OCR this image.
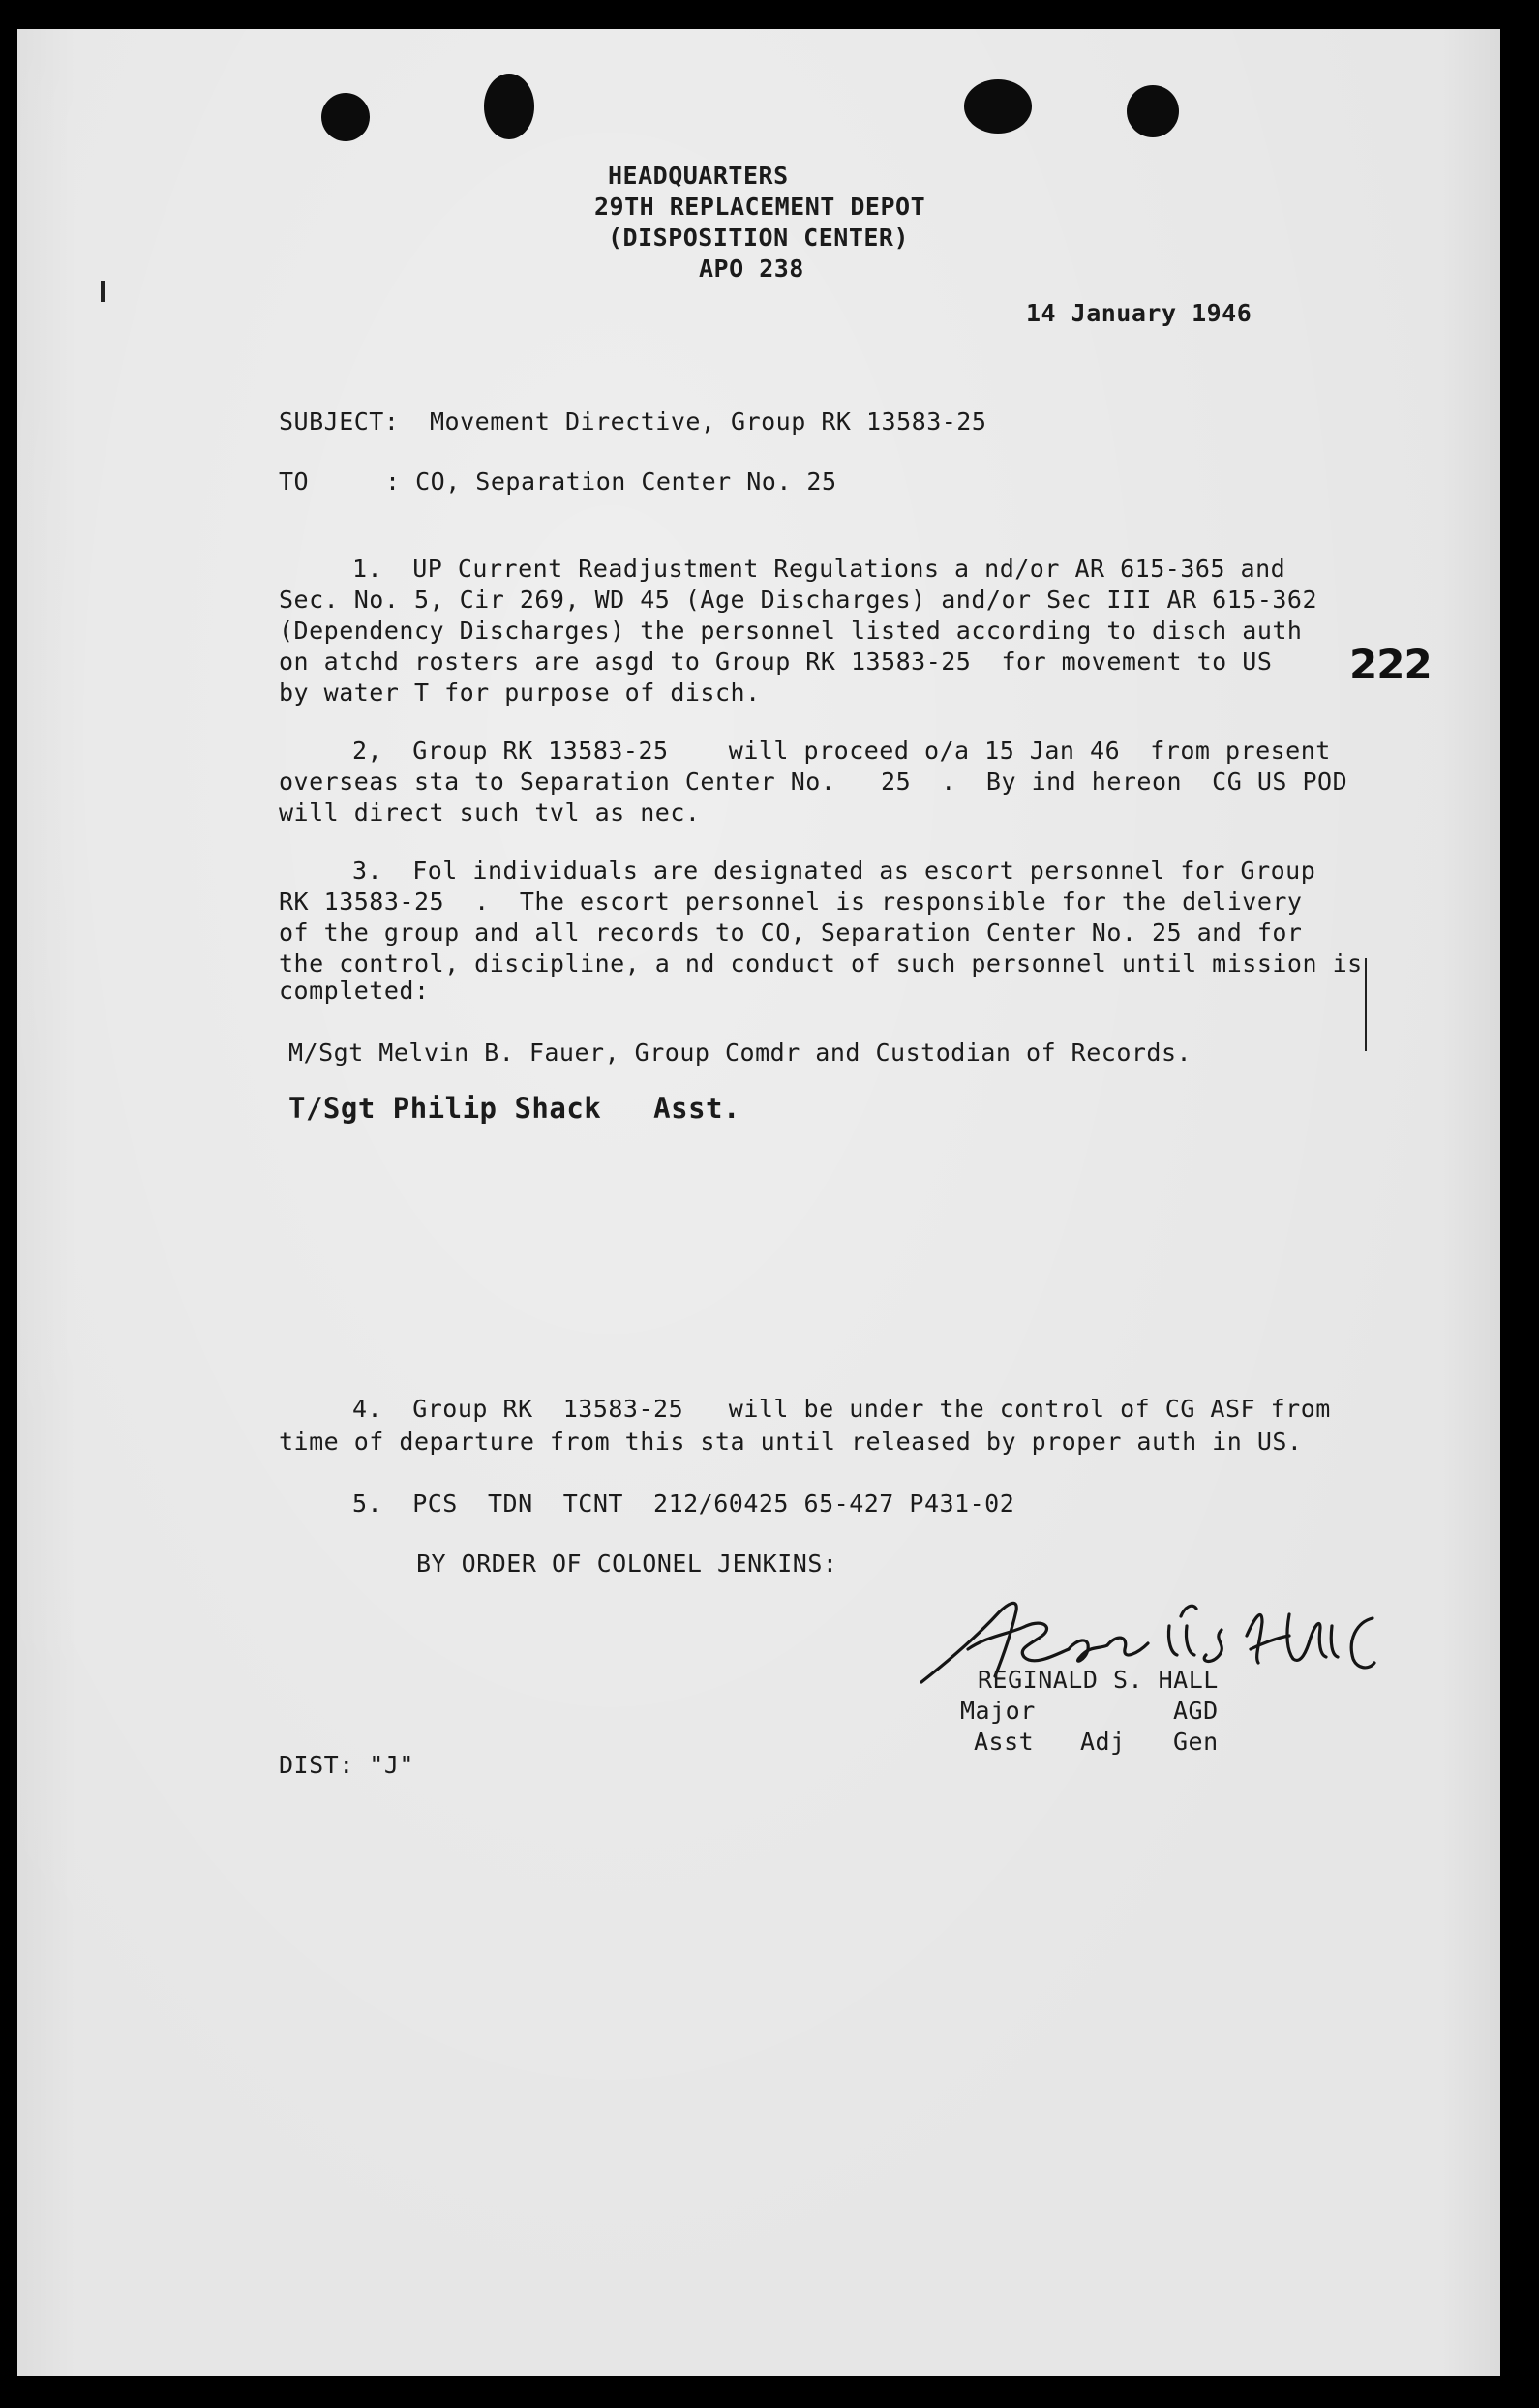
HEADQUARTERS
29TH REPLACEMENT DEPOT
(DISPOSITION CENTER)
APO 238
14 January 1946
SUBJECT: Movement Directive, Group RK 13583-25
TO	: CO, Separation Center No. 25
1.  UP Current Readjustment Regulations a nd/or AR 615-365 and
Sec. No. 5, Cir 269, WD 45 (Age Discharges) and/or Sec III AR 615-362
(Dependency Discharges) the personnel listed according to disch auth
on atchd rosters are asgd to Group RK 13583-25  for movement to US
by water T for purpose of disch.
222
2,  Group RK 13583-25    will proceed o/a 15 Jan 46  from present
overseas sta to Separation Center No.   25  .  By ind hereon  CG US POD
will direct such tvl as nec.
3.  Fol individuals are designated as escort personnel for Group
RK 13583-25  .  The escort personnel is responsible for the delivery
of the group and all records to CO, Separation Center No. 25 and for
the control, discipline, a nd conduct of such personnel until mission is
completed:
M/Sgt Melvin B. Fauer, Group Comdr and Custodian of Records.
T/Sgt Philip Shack   Asst.
4.  Group RK  13583-25   will be under the control of CG ASF from
time of departure from this sta until released by proper auth in US.
5.  PCS  TDN  TCNT  212/60425 65-427 P431-02
BY ORDER OF COLONEL JENKINS:
REGINALD S. HALL
Major	AGD
Asst Adj Gen
DIST: "J"
